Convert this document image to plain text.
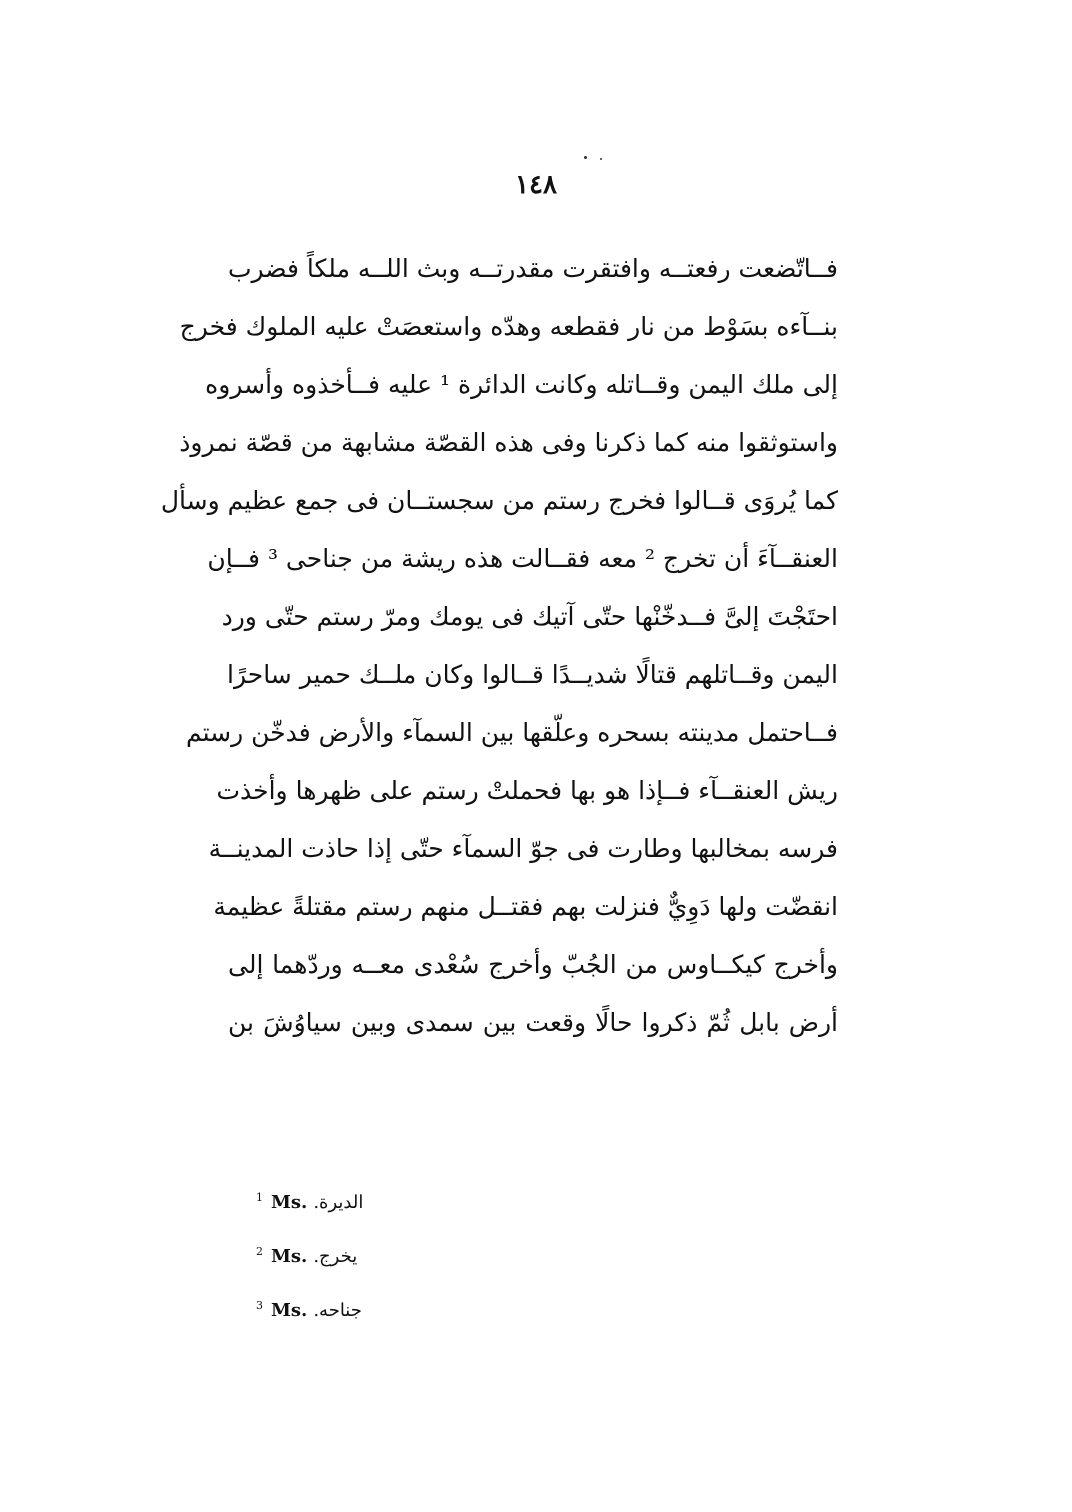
١٤٨
فــاتّضعت رفعتــه وافتقرت مقدرتــه وبث اللــه ملكاً فضرب
بنــآءه بسَوْط من نار فقطعه وهدّه واستعصَتْ عليه الملوك فخرج
إلى ملك اليمن وقــاتله وكانت الدائرة ¹ عليه فــأخذوه وأسروه
واستوثقوا منه كما ذكرنا وفى هذه القصّة مشابهة من قصّة نمروذ
كما يُروَى قــالوا فخرج رستم من سجستــان فى جمع عظيم وسأل
العنقــآءَ أن تخرج ² معه فقــالت هذه ريشة من جناحى ³ فــإن
احتَجْتَ إلىَّ فــدخّنْها حتّى آتيك فى يومك ومرّ رستم حتّى ورد
اليمن وقــاتلهم قتالًا شديــدًا قــالوا وكان ملــك حمير ساحرًا
فــاحتمل مدينته بسحره وعلّقها بين السمآء والأرض فدخّن رستم
ريش العنقــآء فــإذا هو بها فحملتْ رستم على ظهرها وأخذت
فرسه بمخالبها وطارت فى جوّ السمآء حتّى إذا حاذت المدينــة
انقضّت ولها دَوِيٌّ فنزلت بهم فقتــل منهم رستم مقتلةً عظيمة
وأخرج كيكــاوس من الجُبّ وأخرج سُعْدى معــه وردّهما إلى
أرض بابل ثُمّ ذكروا حالًا وقعت بين سمدى وبين سياوُشَ بن
$^1$ Ms. الديرة.
$^2$ Ms. يخرج.
$^3$ Ms. جناحه.
